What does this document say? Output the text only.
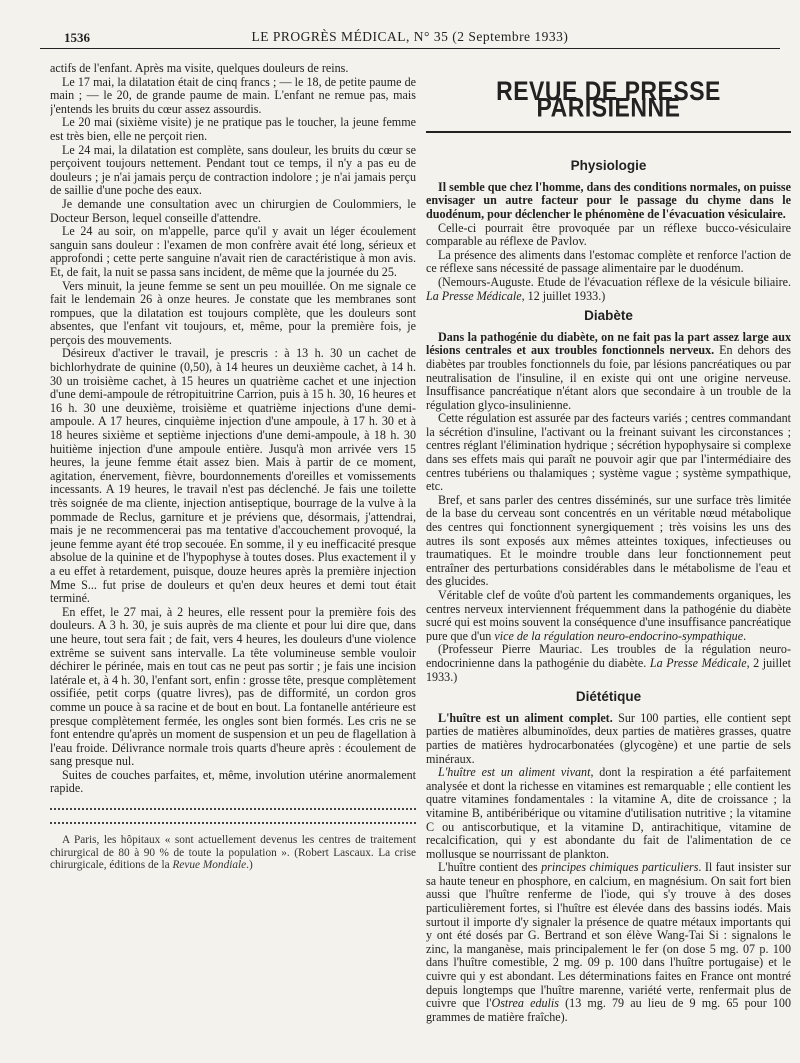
1536	LE PROGRÈS MÉDICAL, N° 35 (2 Septembre 1933)

actifs de l'enfant. Après ma visite, quelques douleurs de reins.

Le 17 mai, la dilatation était de cinq francs ; — le 18, de petite paume de main ; — le 20, de grande paume de main. L'enfant ne remue pas, mais j'entends les bruits du cœur assez assourdis.

Le 20 mai (sixième visite) je ne pratique pas le toucher, la jeune femme est très bien, elle ne perçoit rien.

Le 24 mai, la dilatation est complète, sans douleur, les bruits du cœur se perçoivent toujours nettement. Pendant tout ce temps, il n'y a pas eu de douleurs ; je n'ai jamais perçu de contraction indolore ; je n'ai jamais perçu de saillie d'une poche des eaux.

Je demande une consultation avec un chirurgien de Coulommiers, le Docteur Berson, lequel conseille d'attendre.

Le 24 au soir, on m'appelle, parce qu'il y avait un léger écoulement sanguin sans douleur : l'examen de mon confrère avait été long, sérieux et approfondi ; cette perte sanguine n'avait rien de caractéristique à mon avis. Et, de fait, la nuit se passa sans incident, de même que la journée du 25.

Vers minuit, la jeune femme se sent un peu mouillée. On me signale ce fait le lendemain 26 à onze heures. Je constate que les membranes sont rompues, que la dilatation est toujours complète, que les douleurs sont absentes, que l'enfant vit toujours, et, même, pour la première fois, je perçois des mouvements.

Désireux d'activer le travail, je prescris : à 13 h. 30 un cachet de bichlorhydrate de quinine (0,50), à 14 heures un deuxième cachet, à 14 h. 30 un troisième cachet, à 15 heures un quatrième cachet et une injection d'une demi-ampoule de rétropituitrine Carrion, puis à 15 h. 30, 16 heures et 16 h. 30 une deuxième, troisième et quatrième injections d'une demi-ampoule. A 17 heures, cinquième injection d'une ampoule, à 17 h. 30 et à 18 heures sixième et septième injections d'une demi-ampoule, à 18 h. 30 huitième injection d'une ampoule entière. Jusqu'à mon arrivée vers 15 heures, la jeune femme était assez bien. Mais à partir de ce moment, agitation, énervement, fièvre, bourdonnements d'oreilles et vomissements incessants. A 19 heures, le travail n'est pas déclenché. Je fais une toilette très soignée de ma cliente, injection antiseptique, bourrage de la vulve à la pommade de Reclus, garniture et je préviens que, désormais, j'attendrai, mais je ne recommencerai pas ma tentative d'accouchement provoqué, la jeune femme ayant été trop secouée. En somme, il y eu inefficacité presque absolue de la quinine et de l'hypophyse à toutes doses. Plus exactement il y a eu effet à retardement, puisque, douze heures après la première injection Mme S... fut prise de douleurs et qu'en deux heures et demi tout était terminé.

En effet, le 27 mai, à 2 heures, elle ressent pour la première fois des douleurs. A 3 h. 30, je suis auprès de ma cliente et pour lui dire que, dans une heure, tout sera fait ; de fait, vers 4 heures, les douleurs d'une violence extrême se suivent sans intervalle. La tête volumineuse semble vouloir déchirer le périnée, mais en tout cas ne peut pas sortir ; je fais une incision latérale et, à 4 h. 30, l'enfant sort, enfin : grosse tête, presque complètement ossifiée, petit corps (quatre livres), pas de difformité, un cordon gros comme un pouce à sa racine et de bout en bout. La fontanelle antérieure est presque complètement fermée, les ongles sont bien formés. Les cris ne se font entendre qu'après un moment de suspension et un peu de flagellation à l'eau froide. Délivrance normale trois quarts d'heure après : écoulement de sang presque nul.

Suites de couches parfaites, et, même, involution utérine anormalement rapide.

A Paris, les hôpitaux « sont actuellement devenus les centres de traitement chirurgical de 80 à 90 % de toute la population ». (Robert Lascaux. La crise chirurgicale, éditions de la Revue Mondiale.)

REVUE DE PRESSE PARISIENNE
Physiologie

Il semble que chez l'homme, dans des conditions normales, on puisse envisager un autre facteur pour le passage du chyme dans le duodénum, pour déclencher le phénomène de l'évacuation vésiculaire.

Celle-ci pourrait être provoquée par un réflexe bucco-vésiculaire comparable au réflexe de Pavlov.

La présence des aliments dans l'estomac complète et renforce l'action de ce réflexe sans nécessité de passage alimentaire par le duodénum.

(Nemours-Auguste. Etude de l'évacuation réflexe de la vésicule biliaire. La Presse Médicale, 12 juillet 1933.)

Diabète

Dans la pathogénie du diabète, on ne fait pas la part assez large aux lésions centrales et aux troubles fonctionnels nerveux. En dehors des diabètes par troubles fonctionnels du foie, par lésions pancréatiques ou par neutralisation de l'insuline, il en existe qui ont une origine nerveuse. Insuffisance pancréatique n'étant alors que secondaire à un trouble de la régulation glyco-insulinienne.

Cette régulation est assurée par des facteurs variés ; centres commandant la sécrétion d'insuline, l'activant ou la freinant suivant les circonstances ; centres réglant l'élimination hydrique ; sécrétion hypophysaire si complexe dans ses effets mais qui paraît ne pouvoir agir que par l'intermédiaire des centres tubériens ou thalamiques ; système vague ; système sympathique, etc.

Bref, et sans parler des centres disséminés, sur une surface très limitée de la base du cerveau sont concentrés en un véritable nœud métabolique des centres qui fonctionnent synergiquement ; très voisins les uns des autres ils sont exposés aux mêmes atteintes toxiques, infectieuses ou traumatiques. Et le moindre trouble dans leur fonctionnement peut entraîner des perturbations considérables dans le métabolisme de l'eau et des glucides.

Véritable clef de voûte d'où partent les commandements organiques, les centres nerveux interviennent fréquemment dans la pathogénie du diabète sucré qui est moins souvent la conséquence d'une insuffisance pancréatique pure que d'un vice de la régulation neuro-endocrino-sympathique.

(Professeur Pierre Mauriac. Les troubles de la régulation neuro-endocrinienne dans la pathogénie du diabète. La Presse Médicale, 2 juillet 1933.)

Diététique

L'huître est un aliment complet. Sur 100 parties, elle contient sept parties de matières albuminoïdes, deux parties de matières grasses, quatre parties de matières hydrocarbonatées (glycogène) et une partie de sels minéraux.

L'huître est un aliment vivant, dont la respiration a été parfaitement analysée et dont la richesse en vitamines est remarquable ; elle contient les quatre vitamines fondamentales : la vitamine A, dite de croissance ; la vitamine B, antibéribérique ou vitamine d'utilisation nutritive ; la vitamine C ou antiscorbutique, et la vitamine D, antirachitique, vitamine de recalcification, qui y est abondante du fait de l'alimentation de ce mollusque se nourrissant de plankton.

L'huître contient des principes chimiques particuliers. Il faut insister sur sa haute teneur en phosphore, en calcium, en magnésium. On sait fort bien aussi que l'huître renferme de l'iode, qui s'y trouve à des doses particulièrement fortes, si l'huître est élevée dans des bassins iodés. Mais surtout il importe d'y signaler la présence de quatre métaux importants qui y ont été dosés par G. Bertrand et son élève Wang-Tai Si : signalons le zinc, la manganèse, mais principalement le fer (on dose 5 mg. 07 p. 100 dans l'huître comestible, 2 mg. 09 p. 100 dans l'huître portugaise) et le cuivre qui y est abondant. Les déterminations faites en France ont montré depuis longtemps que l'huître marenne, variété verte, renfermait plus de cuivre que l'Ostrea edulis (13 mg. 79 au lieu de 9 mg. 65 pour 100 grammes de matière fraîche).
